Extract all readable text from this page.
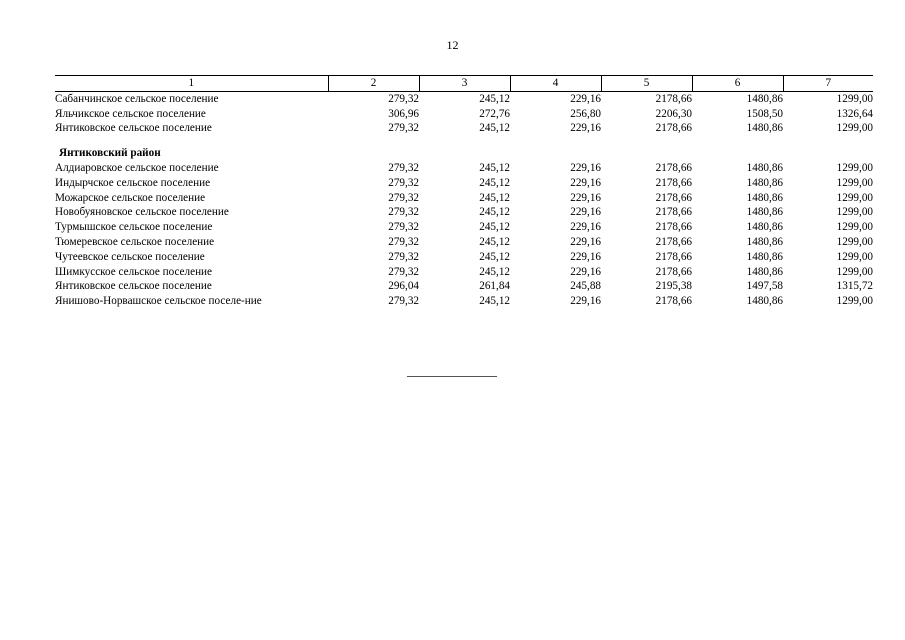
12
1	2	3	4	5	6	7
Сабанчинское сельское поселение	279,32	245,12	229,16	2178,66	1480,86	1299,00
Яльчикское сельское поселение	306,96	272,76	256,80	2206,30	1508,50	1326,64
Янтиковское сельское поселение	279,32	245,12	229,16	2178,66	1480,86	1299,00
Янтиковский район						
Алдиаровское сельское поселение	279,32	245,12	229,16	2178,66	1480,86	1299,00
Индырчское сельское поселение	279,32	245,12	229,16	2178,66	1480,86	1299,00
Можарское сельское поселение	279,32	245,12	229,16	2178,66	1480,86	1299,00
Новобуяновское сельское поселение	279,32	245,12	229,16	2178,66	1480,86	1299,00
Турмышское сельское поселение	279,32	245,12	229,16	2178,66	1480,86	1299,00
Тюмеревское сельское поселение	279,32	245,12	229,16	2178,66	1480,86	1299,00
Чутеевское сельское поселение	279,32	245,12	229,16	2178,66	1480,86	1299,00
Шимкусское сельское поселение	279,32	245,12	229,16	2178,66	1480,86	1299,00
Янтиковское сельское поселение	296,04	261,84	245,88	2195,38	1497,58	1315,72
Янишово-Норвашское сельское поселе-ние	279,32	245,12	229,16	2178,66	1480,86	1299,00
